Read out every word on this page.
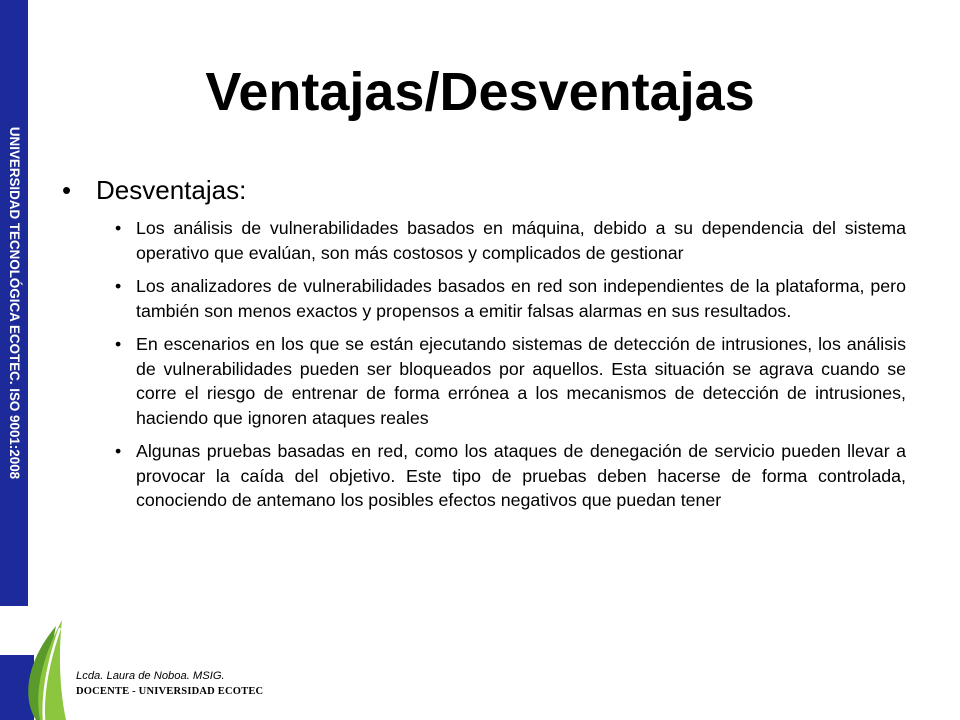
UNIVERSIDAD TECNOLÓGICA ECOTEC. ISO 9001:2008
Ventajas/Desventajas
• Desventajas:
• Los análisis de vulnerabilidades basados en máquina, debido a su dependencia del sistema operativo que evalúan, son más costosos y complicados de gestionar
• Los analizadores de vulnerabilidades basados en red son independientes de la plataforma, pero también son menos exactos y propensos a emitir falsas alarmas en sus resultados.
• En escenarios en los que se están ejecutando sistemas de detección de intrusiones, los análisis de vulnerabilidades pueden ser bloqueados por aquellos. Esta situación se agrava cuando se corre el riesgo de entrenar de forma errónea a los mecanismos de detección de intrusiones, haciendo que ignoren ataques reales
• Algunas pruebas basadas en red, como los ataques de denegación de servicio pueden llevar a provocar la caída del objetivo. Este tipo de pruebas deben hacerse de forma controlada, conociendo de antemano los posibles efectos negativos que puedan tener
Lcda. Laura de Noboa. MSIG.
DOCENTE - UNIVERSIDAD ECOTEC
